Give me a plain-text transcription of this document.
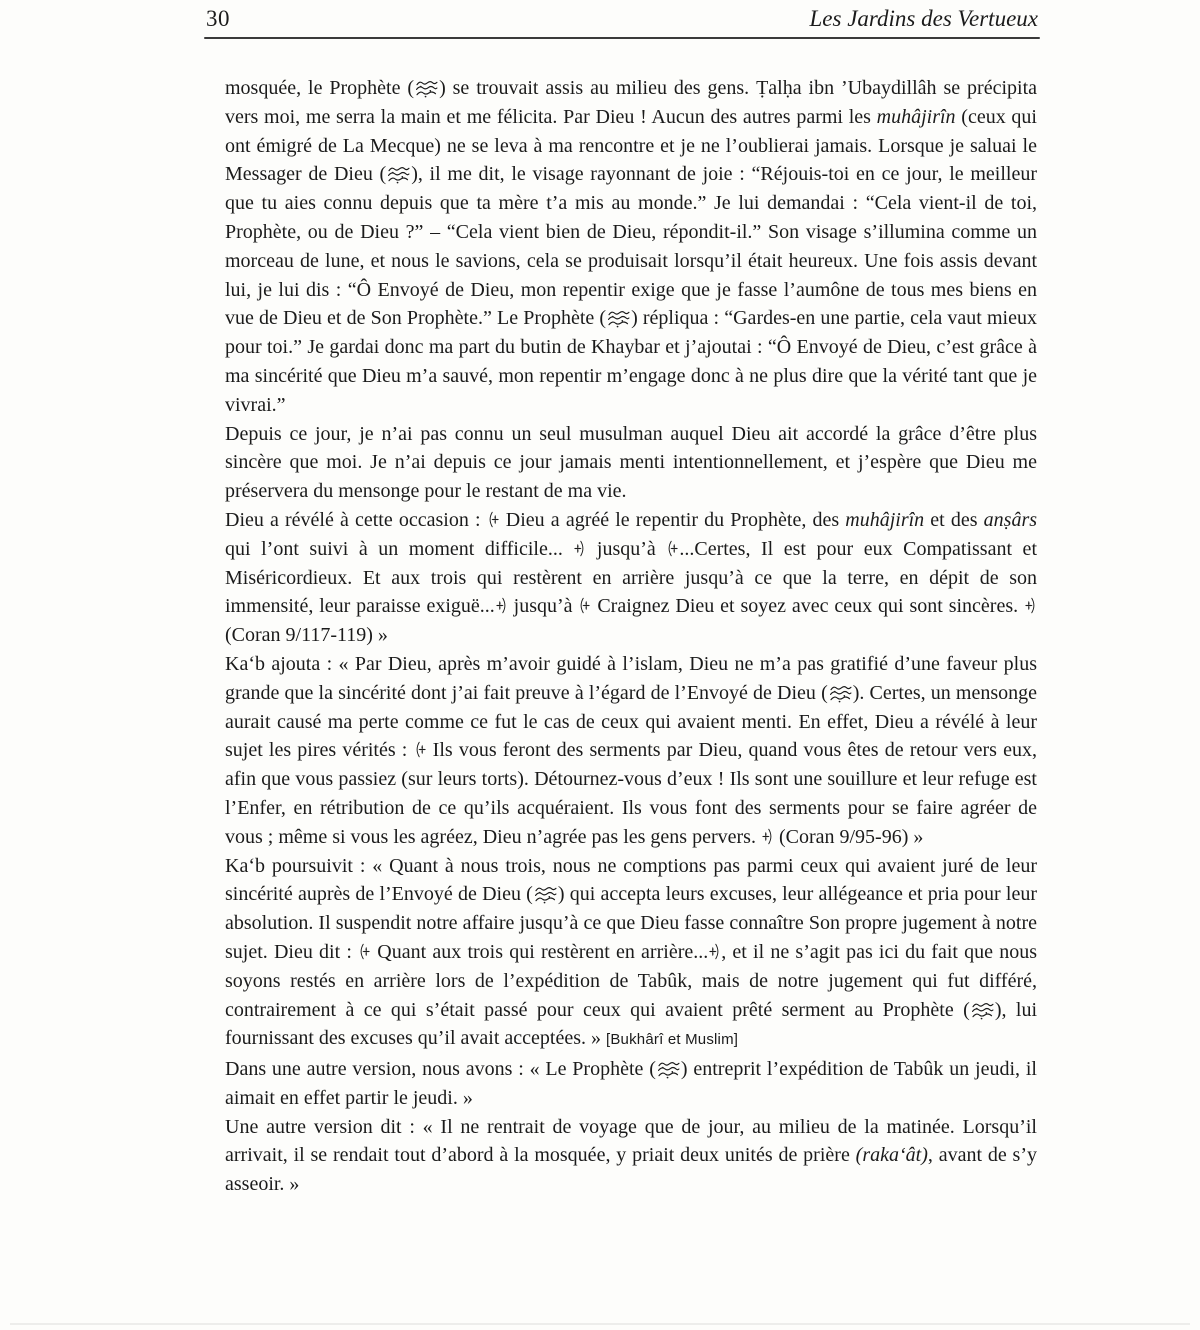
30	Les Jardins des Vertueux

mosquée, le Prophète ( ) se trouvait assis au milieu des gens. Ṭalḥa ibn ’Ubaydillâh se précipita vers moi, me serra la main et me félicita. Par Dieu ! Aucun des autres parmi les muhâjirîn (ceux qui ont émigré de La Mecque) ne se leva à ma rencontre et je ne l’oublierai jamais. Lorsque je saluai le Messager de Dieu ( ), il me dit, le visage rayonnant de joie : “Réjouis-toi en ce jour, le meilleur que tu aies connu depuis que ta mère t’a mis au monde.” Je lui demandai : “Cela vient-il de toi, Prophète, ou de Dieu ?” – “Cela vient bien de Dieu, répondit-il.” Son visage s’illumina comme un morceau de lune, et nous le savions, cela se produisait lorsqu’il était heureux. Une fois assis devant lui, je lui dis : “Ô Envoyé de Dieu, mon repentir exige que je fasse l’aumône de tous mes biens en vue de Dieu et de Son Prophète.” Le Prophète ( ) répliqua : “Gardes-en une partie, cela vaut mieux pour toi.” Je gardai donc ma part du butin de Khaybar et j’ajoutai : “Ô Envoyé de Dieu, c’est grâce à ma sincérité que Dieu m’a sauvé, mon repentir m’engage donc à ne plus dire que la vérité tant que je vivrai.”

Depuis ce jour, je n’ai pas connu un seul musulman auquel Dieu ait accordé la grâce d’être plus sincère que moi. Je n’ai depuis ce jour jamais menti intentionnellement, et j’espère que Dieu me préservera du mensonge pour le restant de ma vie.

Dieu a révélé à cette occasion :  Dieu a agréé le repentir du Prophète, des muhâjirîn et des anṣârs qui l’ont suivi à un moment difficile...  jusqu’à ...Certes, Il est pour eux Compatissant et Miséricordieux. Et aux trois qui restèrent en arrière jusqu’à ce que la terre, en dépit de son immensité, leur paraisse exiguë... jusqu’à  Craignez Dieu et soyez avec ceux qui sont sincères.  (Coran 9/117-119) »

Ka‘b ajouta : « Par Dieu, après m’avoir guidé à l’islam, Dieu ne m’a pas gratifié d’une faveur plus grande que la sincérité dont j’ai fait preuve à l’égard de l’Envoyé de Dieu ( ). Certes, un mensonge aurait causé ma perte comme ce fut le cas de ceux qui avaient menti. En effet, Dieu a révélé à leur sujet les pires vérités :  Ils vous feront des serments par Dieu, quand vous êtes de retour vers eux, afin que vous passiez (sur leurs torts). Détournez-vous d’eux ! Ils sont une souillure et leur refuge est l’Enfer, en rétribution de ce qu’ils acquéraient. Ils vous font des serments pour se faire agréer de vous ; même si vous les agréez, Dieu n’agrée pas les gens pervers.  (Coran 9/95-96) »

Ka‘b poursuivit : « Quant à nous trois, nous ne comptions pas parmi ceux qui avaient juré de leur sincérité auprès de l’Envoyé de Dieu ( ) qui accepta leurs excuses, leur allégeance et pria pour leur absolution. Il suspendit notre affaire jusqu’à ce que Dieu fasse connaître Son propre jugement à notre sujet. Dieu dit :  Quant aux trois qui restèrent en arrière... , et il ne s’agit pas ici du fait que nous soyons restés en arrière lors de l’expédition de Tabûk, mais de notre jugement qui fut différé, contrairement à ce qui s’était passé pour ceux qui avaient prêté serment au Prophète ( ), lui fournissant des excuses qu’il avait acceptées. » [Bukhârî et Muslim]

Dans une autre version, nous avons : « Le Prophète ( ) entreprit l’expédition de Tabûk un jeudi, il aimait en effet partir le jeudi. »

Une autre version dit : « Il ne rentrait de voyage que de jour, au milieu de la matinée. Lorsqu’il arrivait, il se rendait tout d’abord à la mosquée, y priait deux unités de prière (raka‘ât), avant de s’y asseoir. »
